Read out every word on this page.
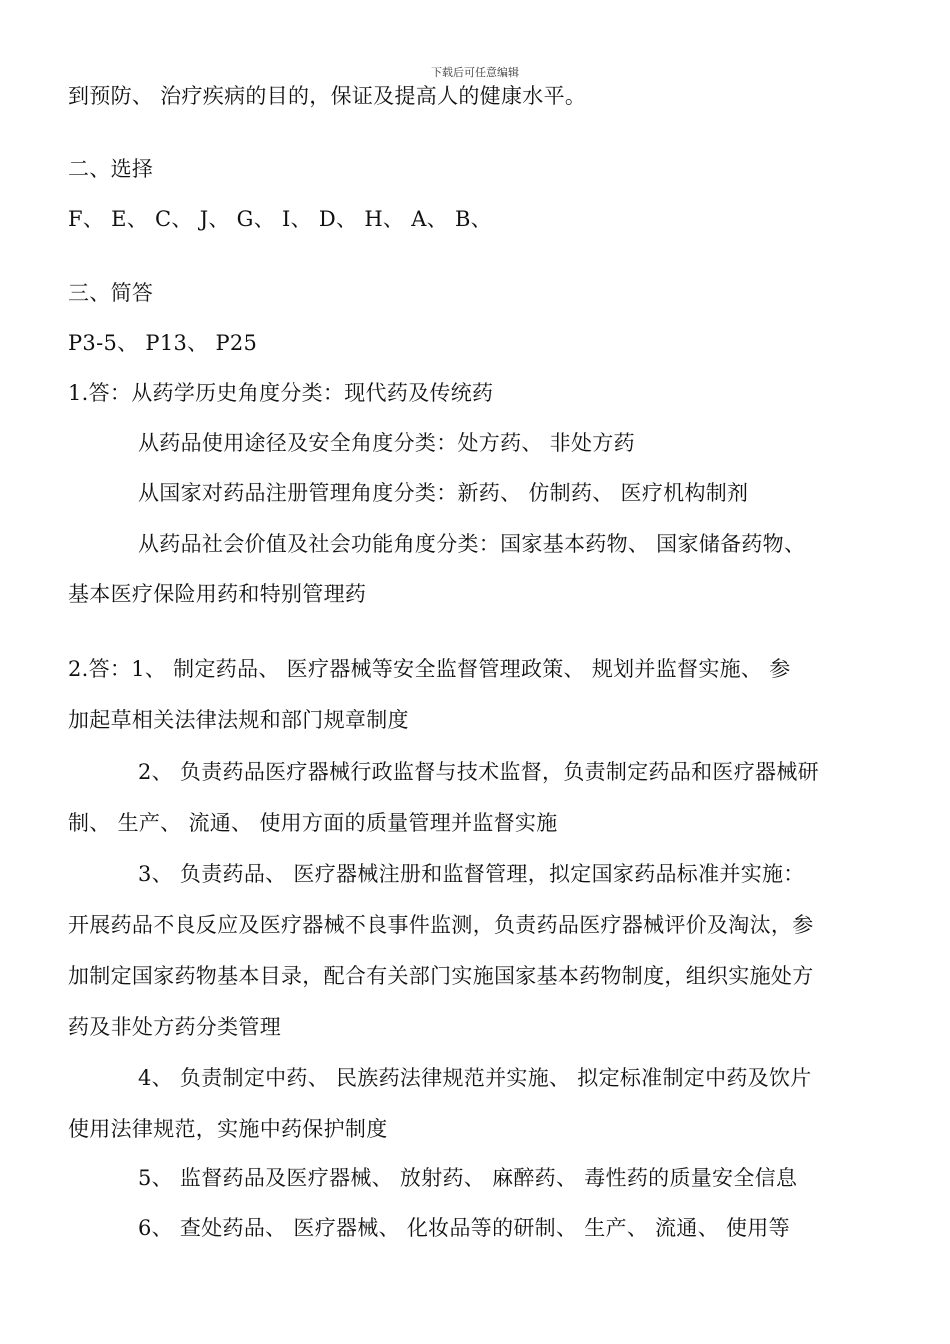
下载后可任意编辑
到预防、 治疗疾病的目的，保证及提高人的健康水平。
二、选择
F、 E、 C、 J、 G、 I、 D、 H、 A、 B、
三、简答
P3-5、 P13、 P25
1.答：从药学历史角度分类：现代药及传统药
从药品使用途径及安全角度分类：处方药、 非处方药
从国家对药品注册管理角度分类：新药、 仿制药、 医疗机构制剂
从药品社会价值及社会功能角度分类：国家基本药物、 国家储备药物、
基本医疗保险用药和特别管理药
2.答：1、 制定药品、 医疗器械等安全监督管理政策、 规划并监督实施、 参
加起草相关法律法规和部门规章制度
2、 负责药品医疗器械行政监督与技术监督，负责制定药品和医疗器械研
制、 生产、 流通、 使用方面的质量管理并监督实施
3、 负责药品、 医疗器械注册和监督管理，拟定国家药品标准并实施：
开展药品不良反应及医疗器械不良事件监测，负责药品医疗器械评价及淘汰，参
加制定国家药物基本目录，配合有关部门实施国家基本药物制度，组织实施处方
药及非处方药分类管理
4、 负责制定中药、 民族药法律规范并实施、 拟定标准制定中药及饮片
使用法律规范，实施中药保护制度
5、 监督药品及医疗器械、 放射药、 麻醉药、 毒性药的质量安全信息
6、 查处药品、 医疗器械、 化妆品等的研制、 生产、 流通、 使用等
